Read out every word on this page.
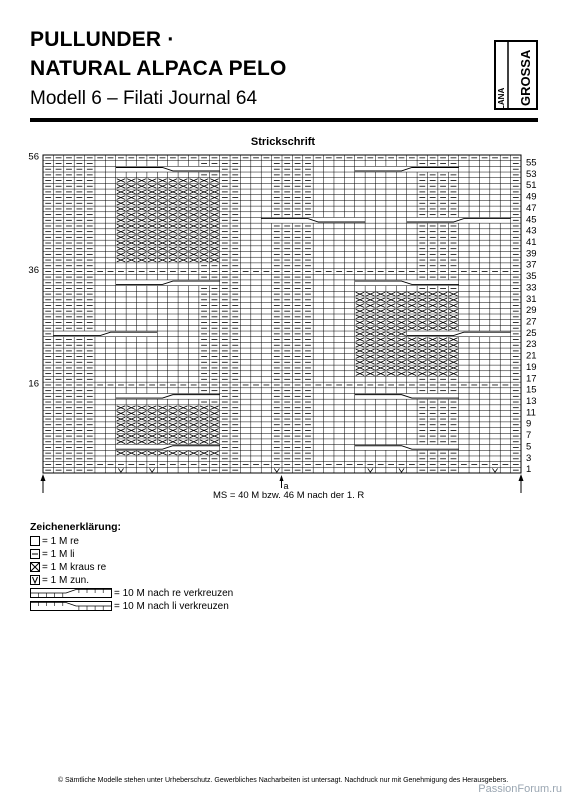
PULLUNDER ·
NATURAL ALPACA PELO
Modell 6 – Filati Journal 64	LANA GROSSA
Strickschrift
56
36
16
55
53
51
49
47
45
43
41
39
37
35
33
31
29
27
25
23
21
19
17
15
13
11
9
7
5
3
1
a
MS = 40 M bzw. 46 M nach der 1. R
Zeichenerklärung:
= 1 M re
= 1 M li
= 1 M kraus re
= 1 M zun.
= 10 M nach re verkreuzen
= 10 M nach li verkreuzen
© Sämtliche Modelle stehen unter Urheberschutz. Gewerbliches Nacharbeiten ist untersagt. Nachdruck nur mit Genehmigung des Herausgebers.
PassionForum.ru
